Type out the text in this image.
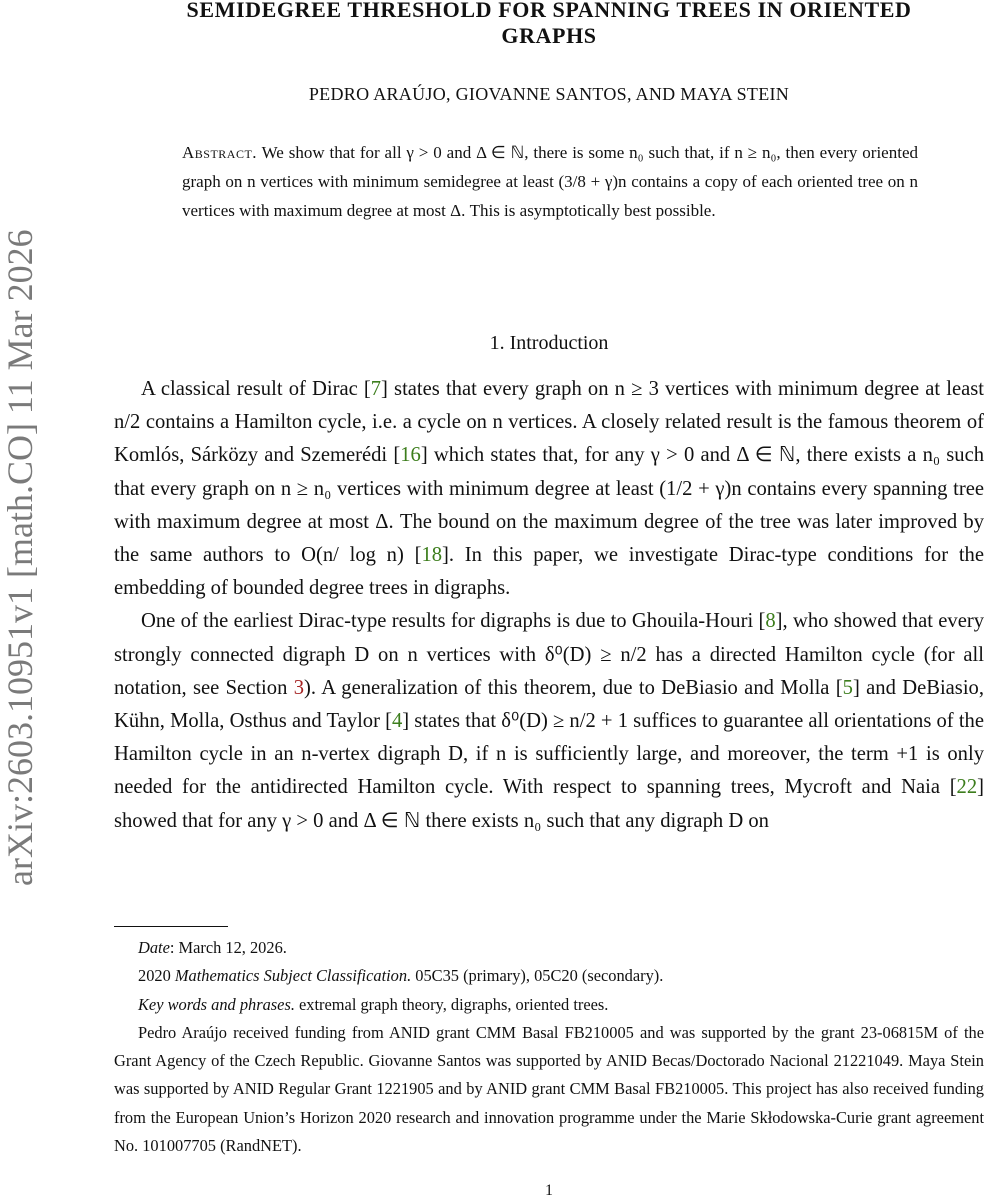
arXiv:2603.10951v1 [math.CO] 11 Mar 2026
SEMIDEGREE THRESHOLD FOR SPANNING TREES IN ORIENTED
GRAPHS
PEDRO ARAÚJO, GIOVANNE SANTOS, AND MAYA STEIN
Abstract. We show that for all γ > 0 and Δ ∈ ℕ, there is some n₀ such that, if n ≥ n₀, then every oriented graph on n vertices with minimum semidegree at least (3/8 + γ)n contains a copy of each oriented tree on n vertices with maximum degree at most Δ. This is asymptotically best possible.
1. Introduction

A classical result of Dirac [7] states that every graph on n ≥ 3 vertices with minimum degree at least n/2 contains a Hamilton cycle, i.e. a cycle on n vertices. A closely related result is the famous theorem of Komlós, Sárközy and Szemerédi [16] which states that, for any γ > 0 and Δ ∈ ℕ, there exists a n₀ such that every graph on n ≥ n₀ vertices with minimum degree at least (1/2 + γ)n contains every spanning tree with maximum degree at most Δ. The bound on the maximum degree of the tree was later improved by the same authors to O(n/ log n) [18]. In this paper, we investigate Dirac-type conditions for the embedding of bounded degree trees in digraphs.

One of the earliest Dirac-type results for digraphs is due to Ghouila-Houri [8], who showed that every strongly connected digraph D on n vertices with δ⁰(D) ≥ n/2 has a directed Hamilton cycle (for all notation, see Section 3). A generalization of this theorem, due to DeBiasio and Molla [5] and DeBiasio, Kühn, Molla, Osthus and Taylor [4] states that δ⁰(D) ≥ n/2 + 1 suffices to guarantee all orientations of the Hamilton cycle in an n-vertex digraph D, if n is sufficiently large, and moreover, the term +1 is only needed for the antidirected Hamilton cycle. With respect to spanning trees, Mycroft and Naia [22] showed that for any γ > 0 and Δ ∈ ℕ there exists n₀ such that any digraph D on

Date: March 12, 2026.

2020 Mathematics Subject Classification. 05C35 (primary), 05C20 (secondary).

Key words and phrases. extremal graph theory, digraphs, oriented trees.

Pedro Araújo received funding from ANID grant CMM Basal FB210005 and was supported by the grant 23-06815M of the Grant Agency of the Czech Republic. Giovanne Santos was supported by ANID Becas/Doctorado Nacional 21221049. Maya Stein was supported by ANID Regular Grant 1221905 and by ANID grant CMM Basal FB210005. This project has also received funding from the European Union’s Horizon 2020 research and innovation programme under the Marie Skłodowska-Curie grant agreement No. 101007705 (RandNET).

1
